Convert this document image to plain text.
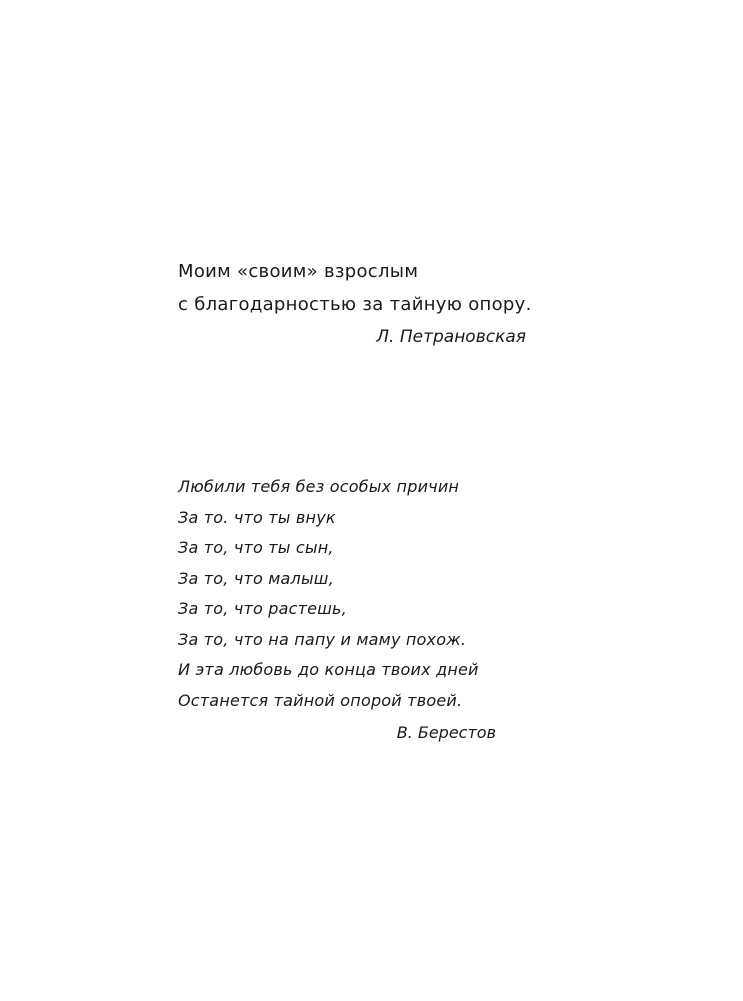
Моим «своим» взрослым
с благодарностью за тайную опору.
Л. Петрановская
Любили тебя без особых причин
За то. что ты внук
За то, что ты сын,
За то, что малыш,
За то, что растешь,
За то, что на папу и маму похож.
И эта любовь до конца твоих дней
Останется тайной опорой твоей.
В. Берестов
